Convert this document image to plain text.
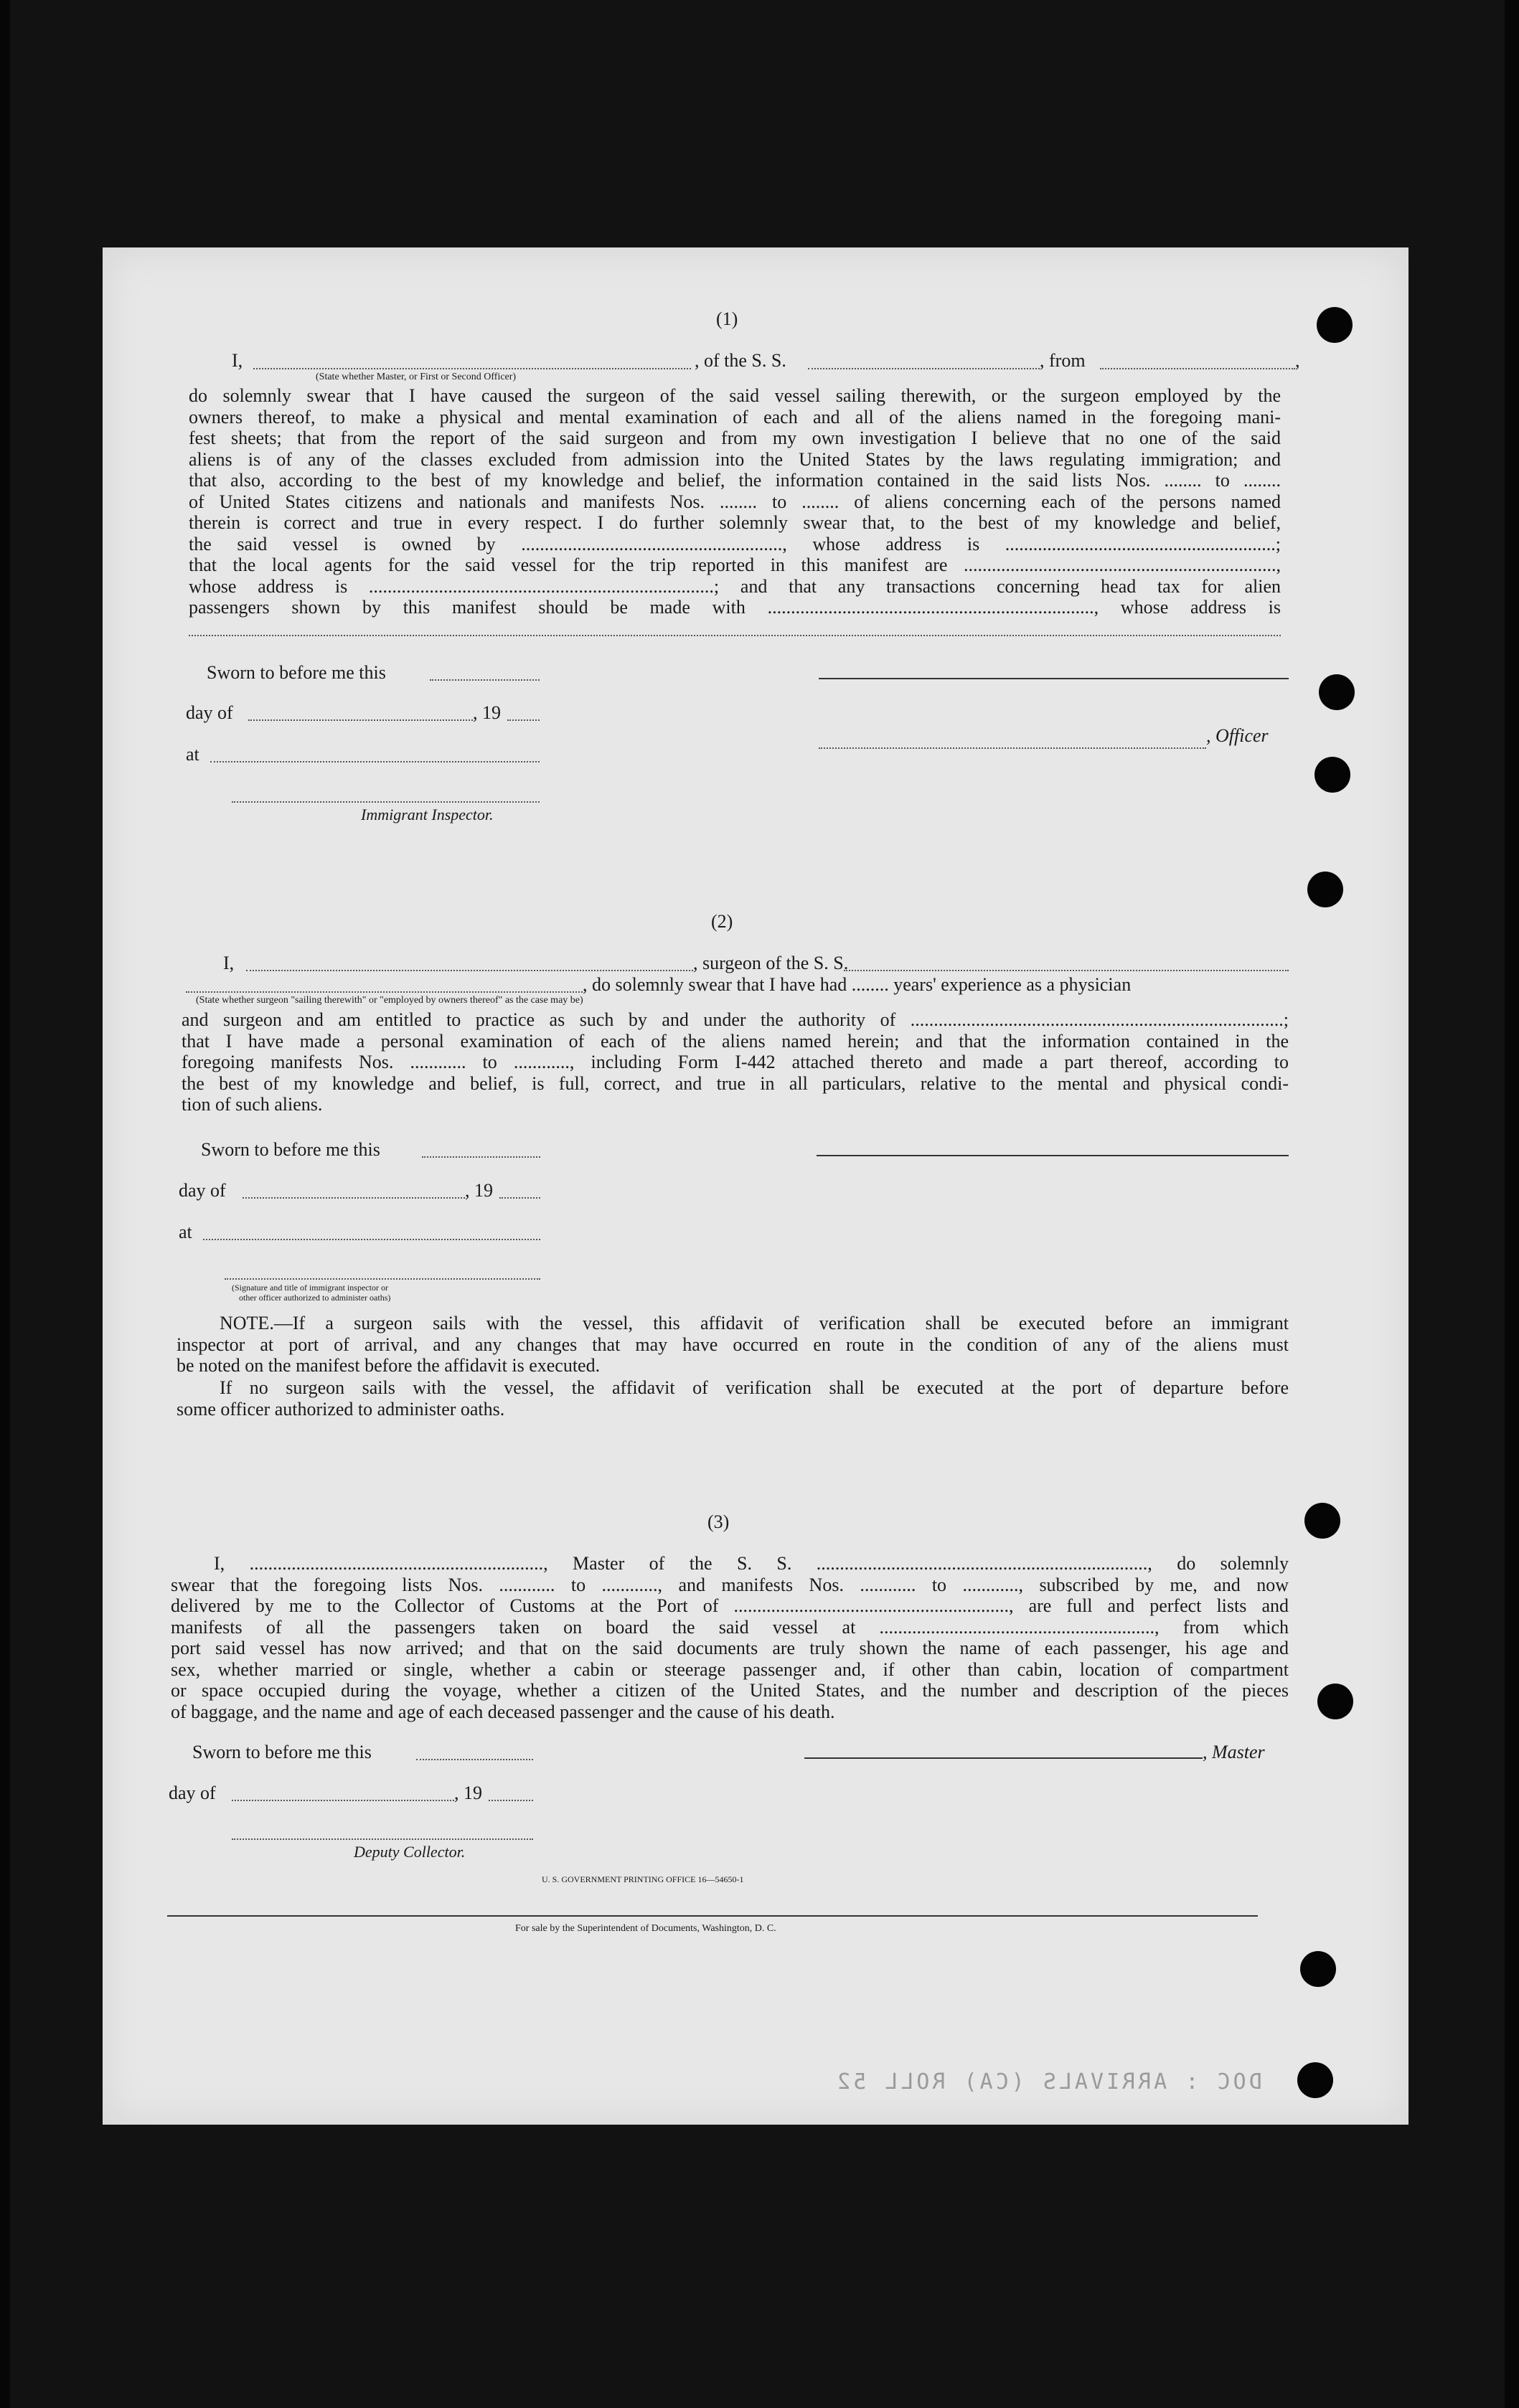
(1)
I,	, of the S. S.	, from	,
(State whether Master, or First or Second Officer)
do solemnly swear that I have caused the surgeon of the said vessel sailing therewith, or the surgeon employed by the
owners thereof, to make a physical and mental examination of each and all of the aliens named in the foregoing mani-
fest sheets; that from the report of the said surgeon and from my own investigation I believe that no one of the said
aliens is of any of the classes excluded from admission into the United States by the laws regulating immigration; and
that also, according to the best of my knowledge and belief, the information contained in the said lists Nos. ........ to ........
of United States citizens and nationals and manifests Nos. ........ to ........ of aliens concerning each of the persons named
therein is correct and true in every respect. I do further solemnly swear that, to the best of my knowledge and belief,
the said vessel is owned by ........................................................, whose address is ..........................................................;
that the local agents for the said vessel for the trip reported in this manifest are ...................................................................,
whose address is ..........................................................................; and that any transactions concerning head tax for alien
passengers shown by this manifest should be made with ......................................................................, whose address is
Sworn to before me this
day of	, 19
at
, Officer
Immigrant Inspector.
(2)
I,	, surgeon of the S. S.
, do solemnly swear that I have had ........ years' experience as a physician
(State whether surgeon "sailing therewith" or "employed by owners thereof" as the case may be)
and surgeon and am entitled to practice as such by and under the authority of ................................................................................;
that I have made a personal examination of each of the aliens named herein; and that the information contained in the
foregoing manifests Nos. ............ to ............, including Form I-442 attached thereto and made a part thereof, according to
the best of my knowledge and belief, is full, correct, and true in all particulars, relative to the mental and physical condi-
tion of such aliens.
Sworn to before me this
day of	, 19
at
(Signature and title of immigrant inspector or
other officer authorized to administer oaths)
NOTE.—If a surgeon sails with the vessel, this affidavit of verification shall be executed before an immigrant
inspector at port of arrival, and any changes that may have occurred en route in the condition of any of the aliens must
be noted on the manifest before the affidavit is executed.
If no surgeon sails with the vessel, the affidavit of verification shall be executed at the port of departure before
some officer authorized to administer oaths.
(3)
I, ..............................................................., Master of the S. S. ......................................................................., do solemnly
swear that the foregoing lists Nos. ............ to ............, and manifests Nos. ............ to ............, subscribed by me, and now
delivered by me to the Collector of Customs at the Port of ..........................................................., are full and perfect lists and
manifests of all the passengers taken on board the said vessel at ..........................................................., from which
port said vessel has now arrived; and that on the said documents are truly shown the name of each passenger, his age and
sex, whether married or single, whether a cabin or steerage passenger and, if other than cabin, location of compartment
or space occupied during the voyage, whether a citizen of the United States, and the number and description of the pieces
of baggage, and the name and age of each deceased passenger and the cause of his death.
Sworn to before me this	, Master
day of	, 19
Deputy Collector.
U. S. GOVERNMENT PRINTING OFFICE 16—54650-1
For sale by the Superintendent of Documents, Washington, D. C.
DOC : ARRIVALS (CA) ROLL 52
